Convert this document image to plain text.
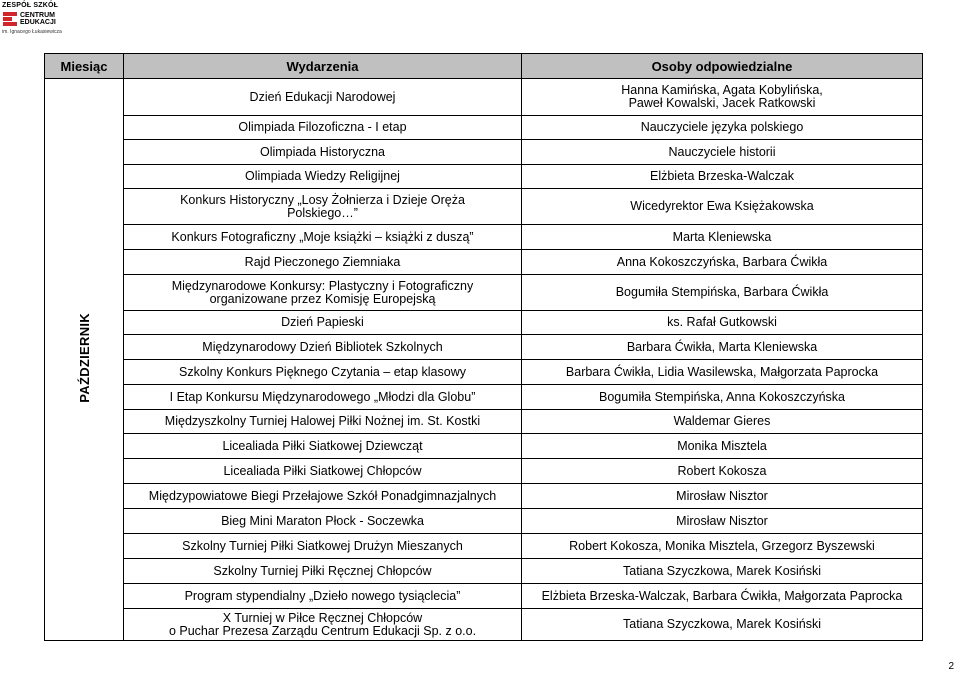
ZESPÓŁ SZKÓŁ
CENTRUM
EDUKACJI
im. Ignacego Łukasiewicza
Miesiąc	Wydarzenia	Osoby odpowiedzialne
PAŹDZIERNIK	Dzień Edukacji Narodowej	Hanna Kamińska, Agata Kobylińska,
Paweł Kowalski, Jacek Ratkowski
	Olimpiada Filozoficzna - I etap	Nauczyciele języka polskiego
	Olimpiada Historyczna	Nauczyciele historii
	Olimpiada Wiedzy Religijnej	Elżbieta Brzeska-Walczak
	Konkurs Historyczny „Losy Żołnierza i Dzieje Oręża
Polskiego…”	Wicedyrektor Ewa Księżakowska
	Konkurs Fotograficzny „Moje książki – książki z duszą”	Marta Kleniewska
	Rajd Pieczonego Ziemniaka	Anna Kokoszczyńska, Barbara Ćwikła
	Międzynarodowe Konkursy: Plastyczny i Fotograficzny
organizowane przez Komisję Europejską	Bogumiła Stempińska, Barbara Ćwikła
	Dzień Papieski	ks. Rafał Gutkowski
	Międzynarodowy Dzień Bibliotek Szkolnych	Barbara Ćwikła, Marta Kleniewska
	Szkolny Konkurs Pięknego Czytania – etap klasowy	Barbara Ćwikła, Lidia Wasilewska, Małgorzata Paprocka
	I Etap Konkursu Międzynarodowego „Młodzi dla Globu”	Bogumiła Stempińska, Anna Kokoszczyńska
	Międzyszkolny Turniej Halowej Piłki Nożnej im. St. Kostki	Waldemar Gieres
	Licealiada Piłki Siatkowej Dziewcząt	Monika Misztela
	Licealiada Piłki Siatkowej Chłopców	Robert Kokosza
	Międzypowiatowe Biegi Przełajowe Szkół Ponadgimnazjalnych	Mirosław Nisztor
	Bieg Mini Maraton Płock - Soczewka	Mirosław Nisztor
	Szkolny Turniej Piłki Siatkowej Drużyn Mieszanych	Robert Kokosza, Monika Misztela, Grzegorz Byszewski
	Szkolny Turniej Piłki Ręcznej Chłopców	Tatiana Szyczkowa, Marek Kosiński
	Program stypendialny „Dzieło nowego tysiąclecia”	Elżbieta Brzeska-Walczak, Barbara Ćwikła, Małgorzata Paprocka
	X Turniej w Piłce Ręcznej Chłopców
o Puchar Prezesa Zarządu Centrum Edukacji Sp. z o.o.	Tatiana Szyczkowa, Marek Kosiński
2
